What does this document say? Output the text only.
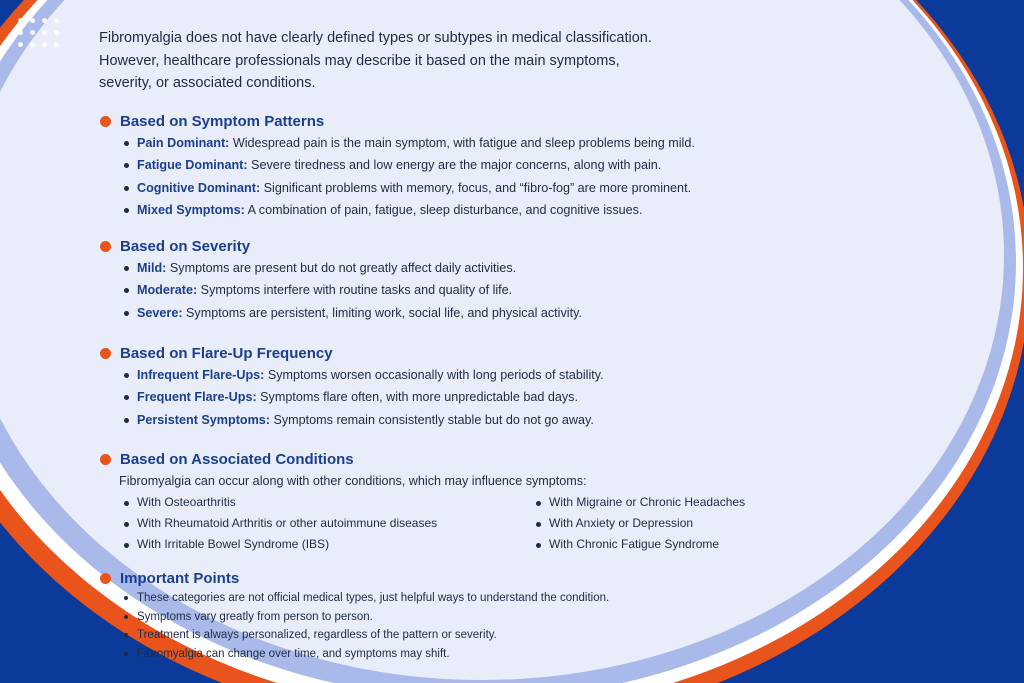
Fibromyalgia does not have clearly defined types or subtypes in medical classification.
However, healthcare professionals may describe it based on the main symptoms,
severity, or associated conditions.
Based on Symptom Patterns
Pain Dominant: Widespread pain is the main symptom, with fatigue and sleep problems being mild.
Fatigue Dominant: Severe tiredness and low energy are the major concerns, along with pain.
Cognitive Dominant: Significant problems with memory, focus, and “fibro-fog” are more prominent.
Mixed Symptoms: A combination of pain, fatigue, sleep disturbance, and cognitive issues.
Based on Severity
Mild: Symptoms are present but do not greatly affect daily activities.
Moderate: Symptoms interfere with routine tasks and quality of life.
Severe: Symptoms are persistent, limiting work, social life, and physical activity.
Based on Flare-Up Frequency
Infrequent Flare-Ups: Symptoms worsen occasionally with long periods of stability.
Frequent Flare-Ups: Symptoms flare often, with more unpredictable bad days.
Persistent Symptoms: Symptoms remain consistently stable but do not go away.
Based on Associated Conditions
Fibromyalgia can occur along with other conditions, which may influence symptoms:
With Osteoarthritis
With Rheumatoid Arthritis or other autoimmune diseases
With Irritable Bowel Syndrome (IBS)
With Migraine or Chronic Headaches
With Anxiety or Depression
With Chronic Fatigue Syndrome
Important Points
These categories are not official medical types, just helpful ways to understand the condition.
Symptoms vary greatly from person to person.
Treatment is always personalized, regardless of the pattern or severity.
Fibromyalgia can change over time, and symptoms may shift.
